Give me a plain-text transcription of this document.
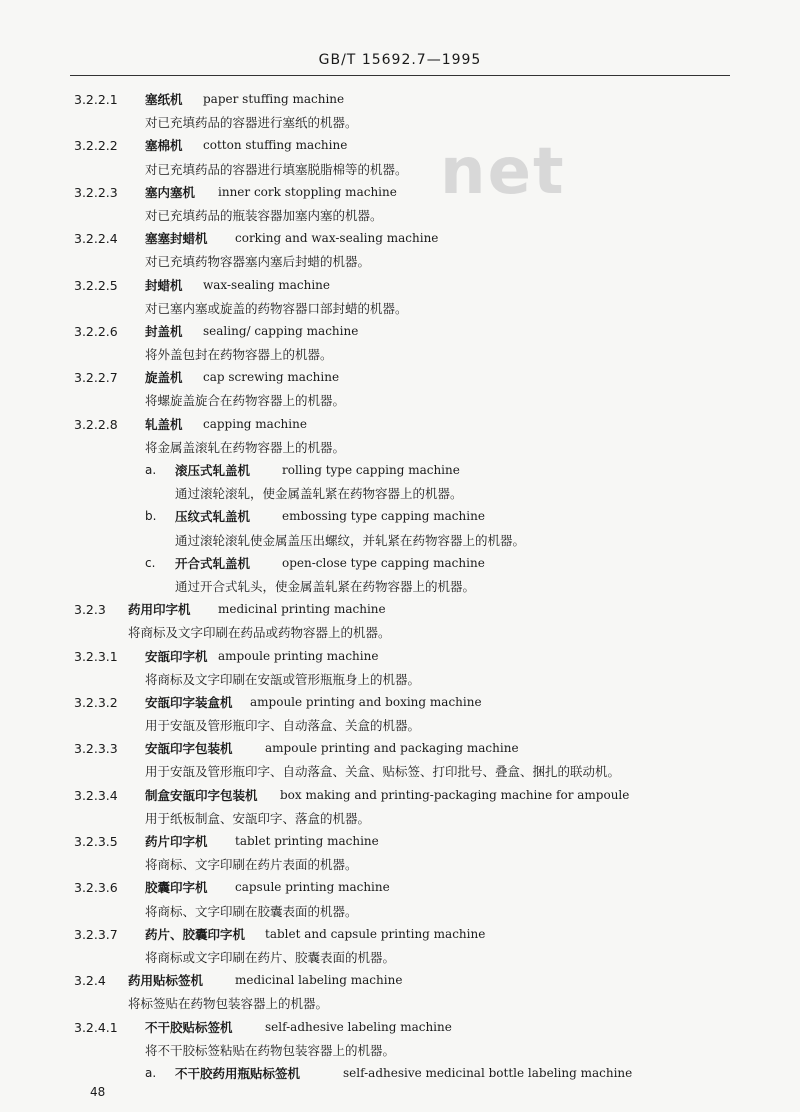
GB/T 15692.7—1995
net
3.2.2.1 塞纸机 paper stuffing machine
对已充填药品的容器进行塞纸的机器。
3.2.2.2 塞棉机 cotton stuffing machine
对已充填药品的容器进行填塞脱脂棉等的机器。
3.2.2.3 塞内塞机 inner cork stoppling machine
对已充填药品的瓶装容器加塞内塞的机器。
3.2.2.4 塞塞封蜡机 corking and wax-sealing machine
对已充填药物容器塞内塞后封蜡的机器。
3.2.2.5 封蜡机 wax-sealing machine
对已塞内塞或旋盖的药物容器口部封蜡的机器。
3.2.2.6 封盖机 sealing/ capping machine
将外盖包封在药物容器上的机器。
3.2.2.7 旋盖机 cap screwing machine
将螺旋盖旋合在药物容器上的机器。
3.2.2.8 轧盖机 capping machine
将金属盖滚轧在药物容器上的机器。
a. 滚压式轧盖机	rolling type capping machine
通过滚轮滚轧，使金属盖轧紧在药物容器上的机器。
b. 压纹式轧盖机	embossing type capping machine
通过滚轮滚轧使金属盖压出螺纹，并轧紧在药物容器上的机器。
c. 开合式轧盖机	open-close type capping machine
通过开合式轧头，使金属盖轧紧在药物容器上的机器。
3.2.3 药用印字机 medicinal printing machine
将商标及文字印刷在药品或药物容器上的机器。
3.2.3.1 安瓿印字机 ampoule printing machine
将商标及文字印刷在安瓿或管形瓶瓶身上的机器。
3.2.3.2 安瓿印字装盒机 ampoule printing and boxing machine
用于安瓿及管形瓶印字、自动落盒、关盒的机器。
3.2.3.3 安瓿印字包装机	ampoule printing and packaging machine
用于安瓿及管形瓶印字、自动落盒、关盒、贴标签、打印批号、叠盒、捆扎的联动机。
3.2.3.4 制盒安瓿印字包装机 box making and printing-packaging machine for ampoule
用于纸板制盒、安瓿印字、落盒的机器。
3.2.3.5 药片印字机 tablet printing machine
将商标、文字印刷在药片表面的机器。
3.2.3.6 胶囊印字机 capsule printing machine
将商标、文字印刷在胶囊表面的机器。
3.2.3.7 药片、胶囊印字机 tablet and capsule printing machine
将商标或文字印刷在药片、胶囊表面的机器。
3.2.4 药用贴标签机	medicinal labeling machine
将标签贴在药物包装容器上的机器。
3.2.4.1 不干胶贴标签机	self-adhesive labeling machine
将不干胶标签粘贴在药物包装容器上的机器。
a. 不干胶药用瓶贴标签机	self-adhesive medicinal bottle labeling machine
48
